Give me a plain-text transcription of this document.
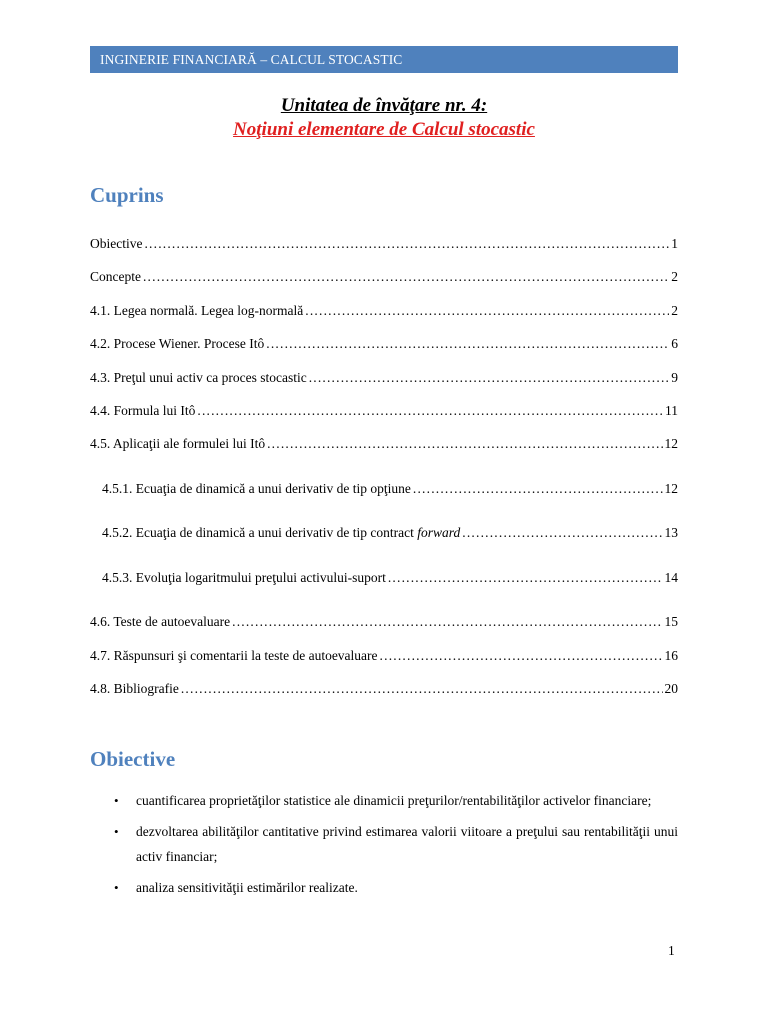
INGINERIE FINANCIARĂ – CALCUL STOCASTIC
Unitatea de învăţare nr. 4:
Noţiuni elementare de Calcul stocastic
Cuprins
Obiective .....	1
Concepte .....	2
4.1. Legea normală. Legea log-normală .....	2
4.2. Procese Wiener. Procese Itô .....	6
4.3. Preţul unui activ ca proces stocastic .....	9
4.4. Formula lui Itô .....	11
4.5. Aplicaţii ale formulei lui Itô .....	12
4.5.1. Ecuaţia de dinamică a unui derivativ de tip opţiune .....	12
4.5.2. Ecuaţia de dinamică a unui derivativ de tip contract forward .....	13
4.5.3. Evoluţia logaritmului preţului activului-suport .....	14
4.6. Teste de autoevaluare .....	15
4.7. Răspunsuri şi comentarii la teste de autoevaluare .....	16
4.8. Bibliografie .....	20
Obiective
• cuantificarea proprietăţilor statistice ale dinamicii preţurilor/rentabilităţilor activelor financiare;
• dezvoltarea abilităţilor cantitative privind estimarea valorii viitoare a preţului sau rentabilităţii unui activ financiar;
• analiza sensitivităţii estimărilor realizate.
1
